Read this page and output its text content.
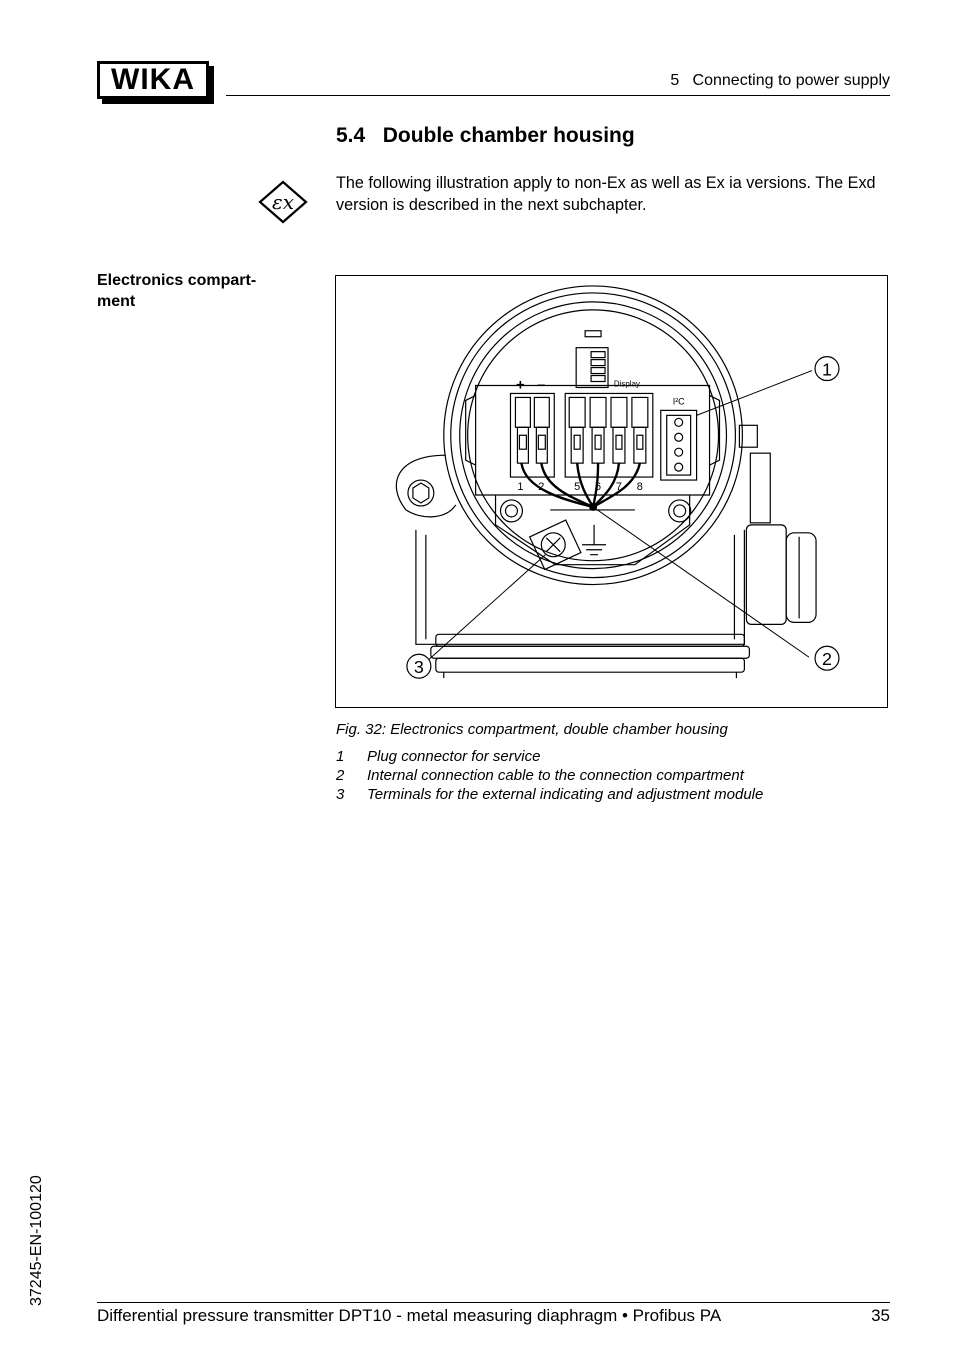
WIKA	5   Connecting to power supply
5.4   Double chamber housing
εx
The following illustration apply to non-Ex as well as Ex ia versions. The Exd version is described in the next subchapter.
Electronics compart-
ment
1
2
3
+ –	Display
I²C
1 2	5 6 7 8
Fig. 32: Electronics compartment, double chamber housing
1	Plug connector for service
2	Internal connection cable to the connection compartment
3	Terminals for the external indicating and adjustment module
37245-EN-100120
Differential pressure transmitter DPT10 - metal measuring diaphragm • Profibus PA	35
